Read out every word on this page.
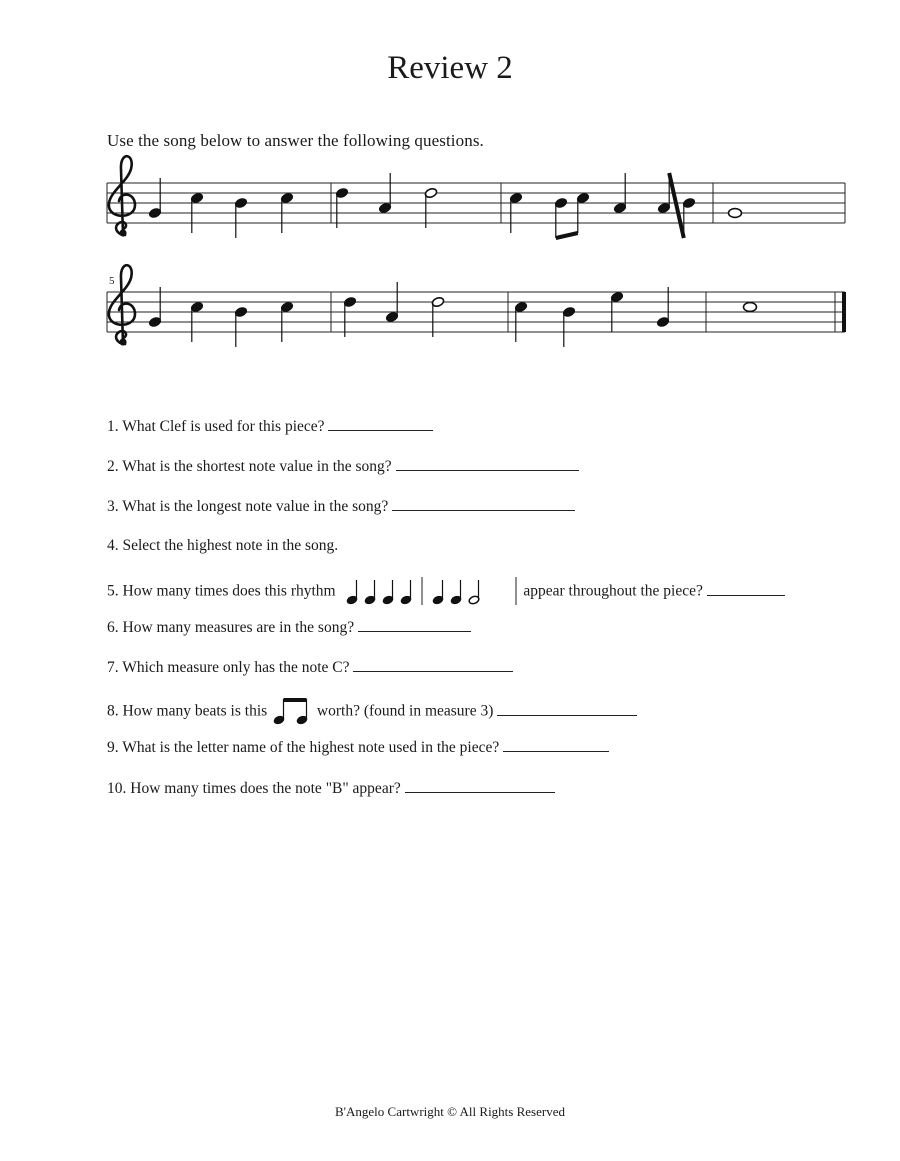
Review 2
Use the song below to answer the following questions.
5
1. What Clef is used for this piece?
2. What is the shortest note value in the song?
3. What is the longest note value in the song?
4. Select the highest note in the song.
5. How many times does this rhythm	appear throughout the piece?
6. How many measures are in the song?
7. Which measure only has the note C?
8. How many beats is this	worth? (found in measure 3)
9. What is the letter name of the highest note used in the piece?
10. How many times does the note "B" appear?
B'Angelo Cartwright © All Rights Reserved
